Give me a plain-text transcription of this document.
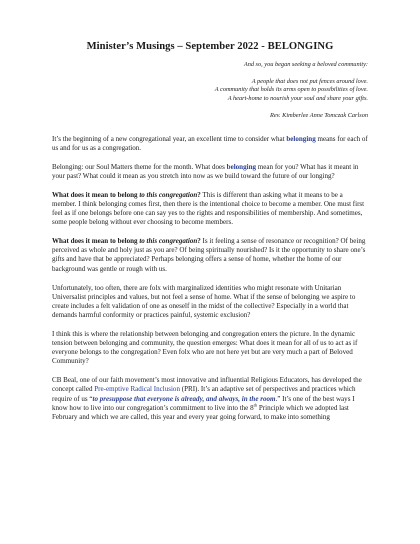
Minister’s Musings – September 2022 - BELONGING
And so, you began seeking a beloved community:
A people that does not put fences around love.
A community that holds its arms open to possibilities of love.
A heart-home to nourish your soul and share your gifts.
Rev. Kimberlee Anne Tomczak Carlson

It’s the beginning of a new congregational year, an excellent time to consider what belonging means for each of us and for us as a congregation.

Belonging: our Soul Matters theme for the month. What does belonging mean for you? What has it meant in your past? What could it mean as you stretch into now as we build toward the future of our longing?

What does it mean to belong to this congregation? This is different than asking what it means to be a member. I think belonging comes first, then there is the intentional choice to become a member. One must first feel as if one belongs before one can say yes to the rights and responsibilities of membership. And sometimes, some people belong without ever choosing to become members.

What does it mean to belong to this congregation? Is it feeling a sense of resonance or recognition? Of being perceived as whole and holy just as you are? Of being spiritually nourished? Is it the opportunity to share one’s gifts and have that be appreciated? Perhaps belonging offers a sense of home, whether the home of our background was gentle or rough with us.

Unfortunately, too often, there are folx with marginalized identities who might resonate with Unitarian Universalist principles and values, but not feel a sense of home. What if the sense of belonging we aspire to create includes a felt validation of one as oneself in the midst of the collective? Especially in a world that demands harmful conformity or practices painful, systemic exclusion?

I think this is where the relationship between belonging and congregation enters the picture. In the dynamic tension between belonging and community, the question emerges: What does it mean for all of us to act as if everyone belongs to the congregation? Even folx who are not here yet but are very much a part of Beloved Community?

CB Beal, one of our faith movement’s most innovative and influential Religious Educators, has developed the concept called Pre-emptive Radical Inclusion (PRI). It’s an adaptive set of perspectives and practices which require of us “to presuppose that everyone is already, and always, in the room.” It’s one of the best ways I know how to live into our congregation’s commitment to live into the 8th Principle which we adopted last February and which we are called, this year and every year going forward, to make into something
